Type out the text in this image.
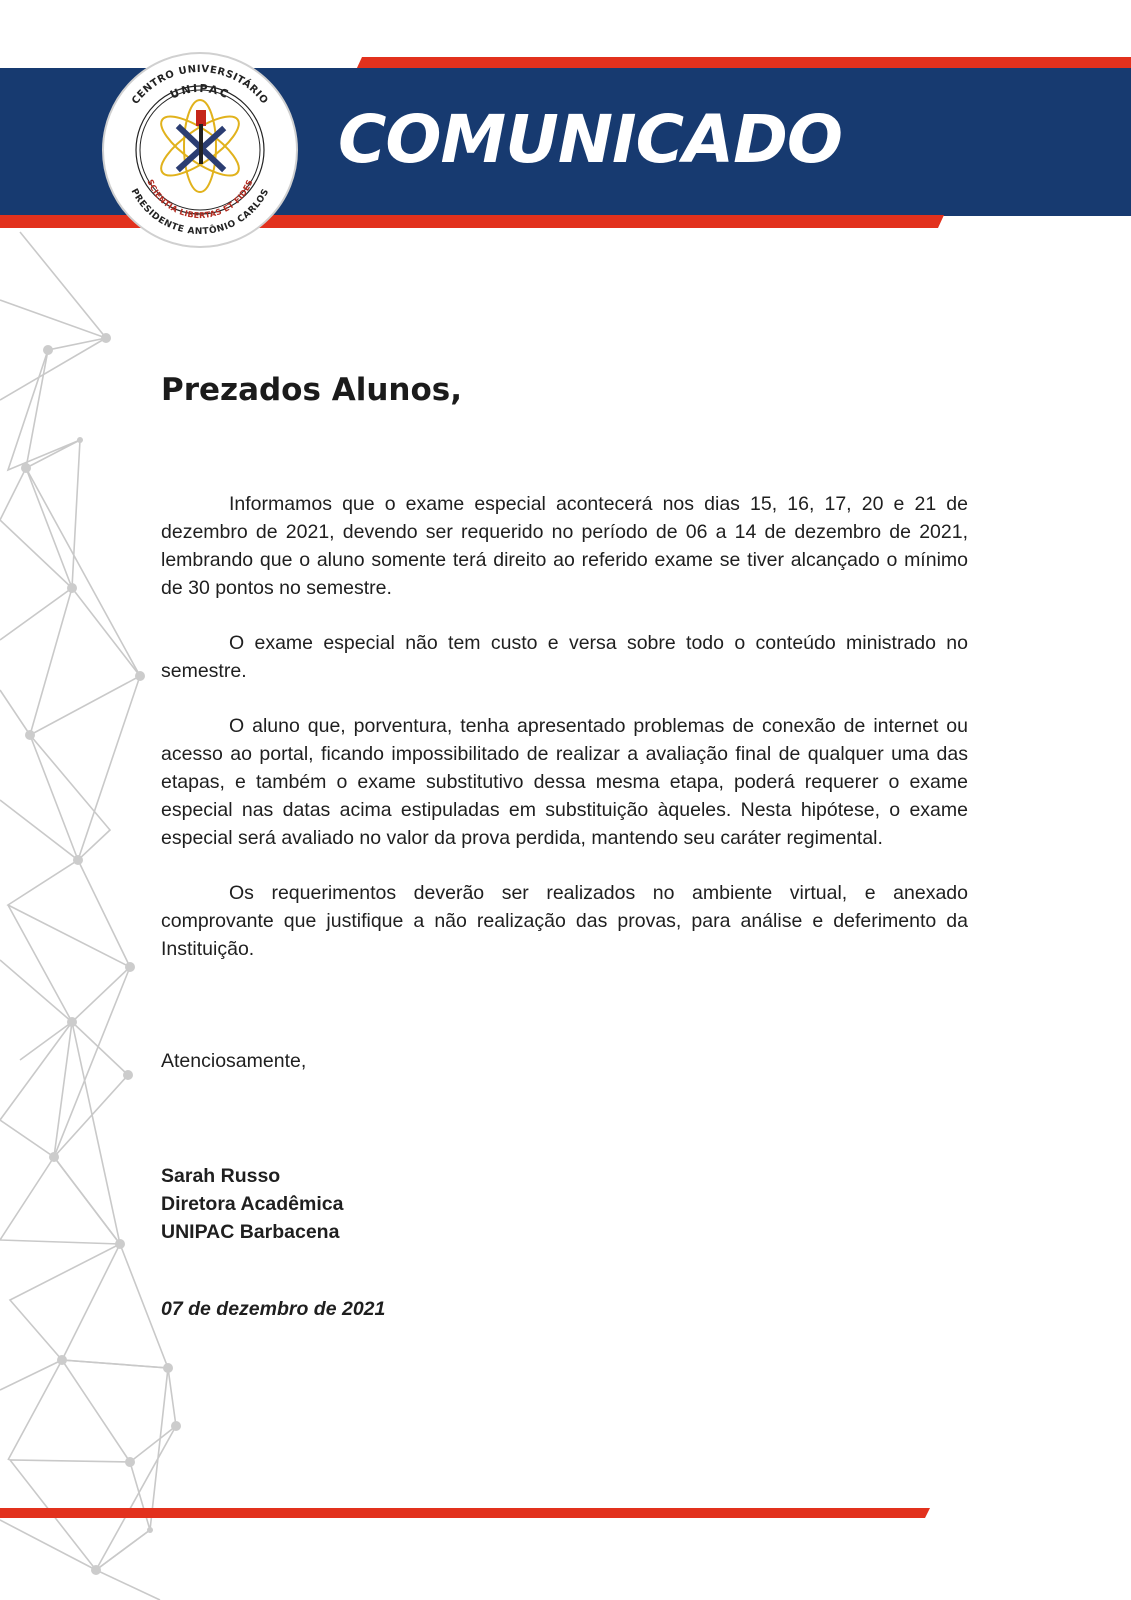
CENTRO UNIVERSITÁRIO
UNIPAC
SCIENTIA LIBERTAS ET FIDES
PRESIDENTE ANTÔNIO CARLOS
COMUNICADO
Prezados Alunos,

Informamos que o exame especial acontecerá nos dias 15, 16, 17, 20 e 21 de dezembro de 2021, devendo ser requerido no período de 06 a 14 de dezembro de 2021, lembrando que o aluno somente terá direito ao referido exame se tiver alcançado o mínimo de 30 pontos no semestre.

O exame especial não tem custo e versa sobre todo o conteúdo ministrado no semestre.

O aluno que, porventura, tenha apresentado problemas de conexão de internet ou acesso ao portal, ficando impossibilitado de realizar a avaliação final de qualquer uma das etapas, e também o exame substitutivo dessa mesma etapa, poderá requerer o exame especial nas datas acima estipuladas em substituição àqueles. Nesta hipótese, o exame especial será avaliado no valor da prova perdida, mantendo seu caráter regimental.

Os requerimentos deverão ser realizados no ambiente virtual, e anexado comprovante que justifique a não realização das provas, para análise e deferimento da Instituição.

Atenciosamente,
Sarah Russo
Diretora Acadêmica
UNIPAC Barbacena
07 de dezembro de 2021
